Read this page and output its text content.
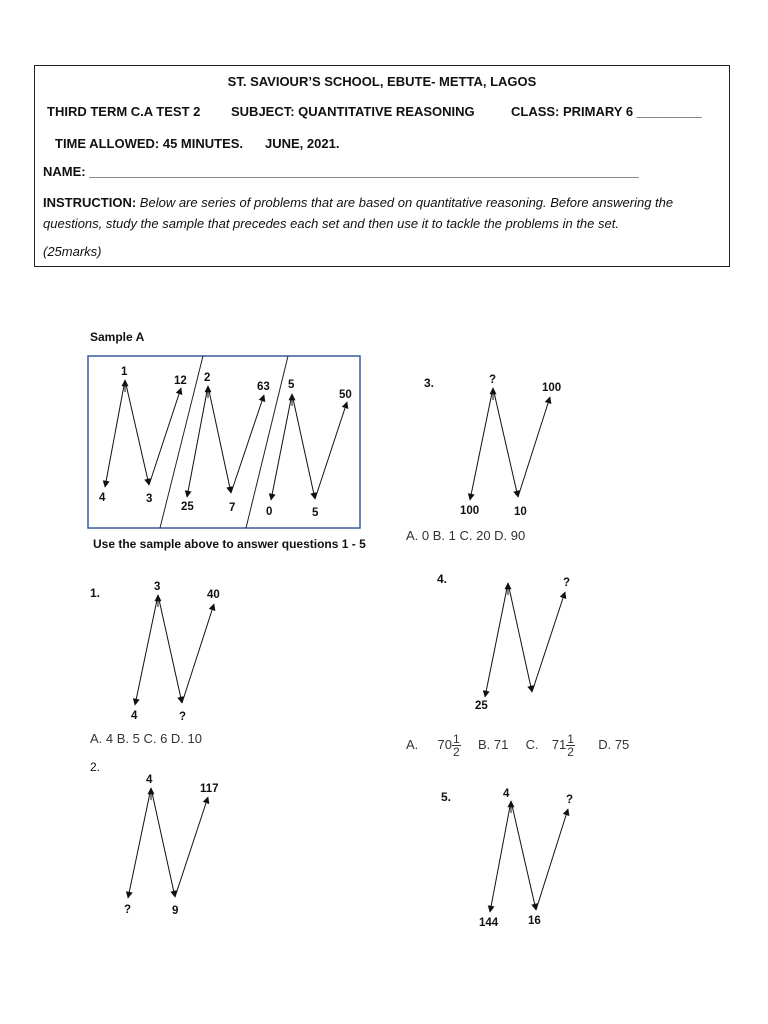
ST. SAVIOUR’S SCHOOL, EBUTE- METTA, LAGOS
THIRD TERM C.A TEST 2 SUBJECT: QUANTITATIVE REASONING	CLASS: PRIMARY 6 _________
TIME ALLOWED: 45 MINUTES. JUNE, 2021.
NAME: ____________________________________________________________________________
INSTRUCTION: Below are series of problems that are based on quantitative reasoning. Before answering the questions, study the sample that precedes each set and then use it to tackle the problems in the set.
(25marks)
Sample A
Use the sample above to answer questions 1 - 5
1.
2.
3.
4.
5.
A. 4 B. 5 C. 6 D. 10
A. 0 B. 1 C. 20 D. 90
A. $70 \frac{1}{2} B$. 71 C. $71 \frac{1}{2} D$. 75
4
1
3
12
25
2
7
63
0
5
5
50
4
3
?
40
?
4
9
117
100
?
10
100
25
?
144
4
16
?
